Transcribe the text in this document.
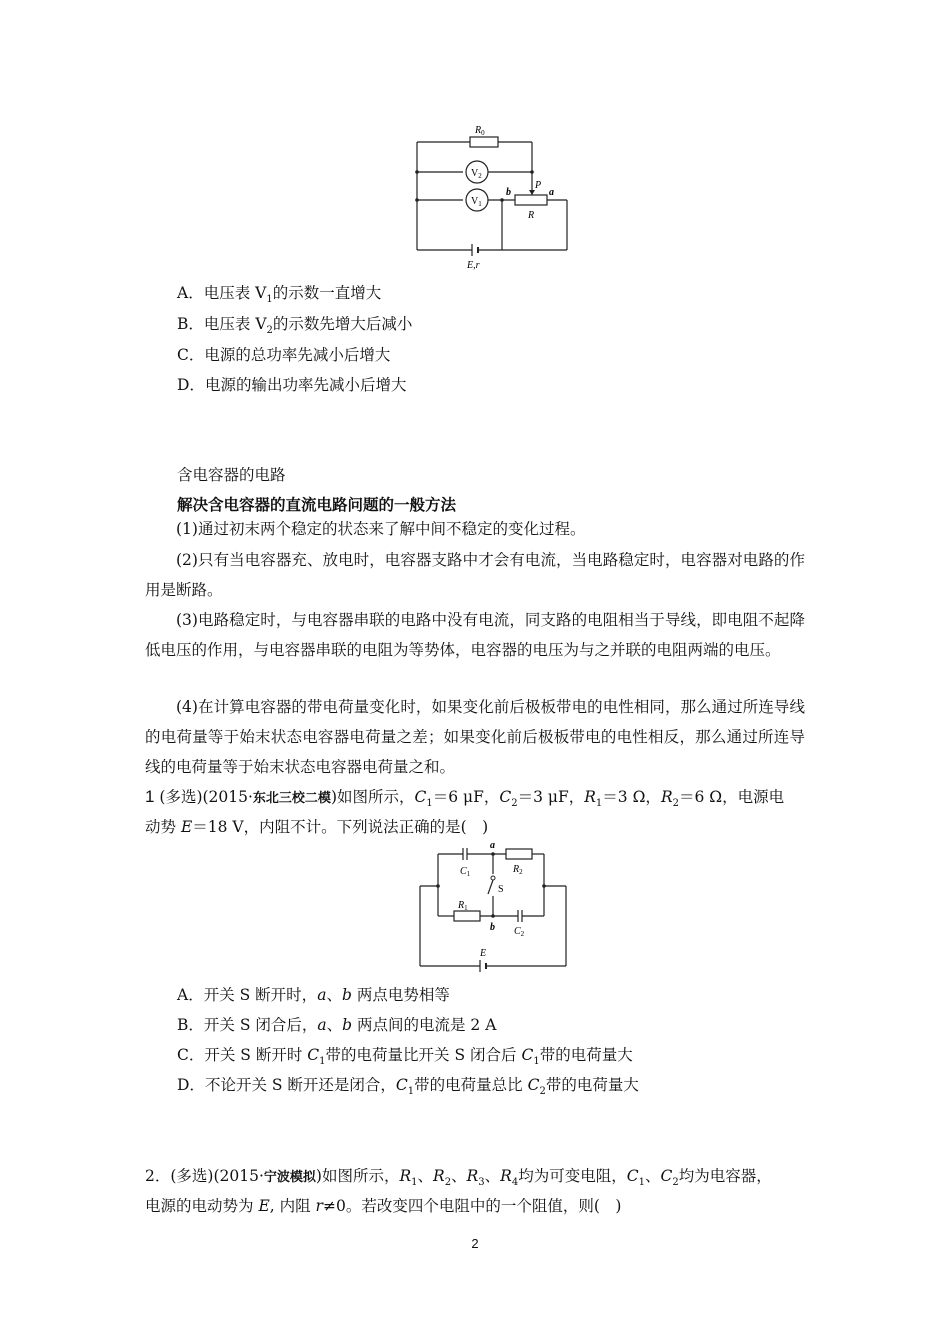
$R_0$
$V_2$
$V_1$
b
P
a
R
E,r
A．电压表 $V_1$的示数一直增大
B．电压表 $V_2$的示数先增大后减小
C．电源的总功率先减小后增大
D．电源的输出功率先减小后增大
含电容器的电路
解决含电容器的直流电路问题的一般方法
(1)通过初末两个稳定的状态来了解中间不稳定的变化过程。
(2)只有当电容器充、放电时，电容器支路中才会有电流，当电路稳定时，电容器对电路的作用是断路。
(3)电路稳定时，与电容器串联的电路中没有电流，同支路的电阻相当于导线，即电阻不起降低电压的作用，与电容器串联的电阻为等势体，电容器的电压为与之并联的电阻两端的电压。
(4)在计算电容器的带电荷量变化时，如果变化前后极板带电的电性相同，那么通过所连导线的电荷量等于始末状态电容器电荷量之差；如果变化前后极板带电的电性相反，那么通过所连导线的电荷量等于始末状态电容器电荷量之和。
1 (多选)(2015·东北三校二模)如图所示，$C_1=6$ μF，$C_2=3$ μF，$R_1=3$ Ω，$R_2=6$ Ω，电源电
动势 E＝18 V，内阻不计。下列说法正确的是(　)
$C_1$
a
$R_2$
S
$R_1$
b $C_2$
E
A．开关 S 断开时，a、b 两点电势相等
B．开关 S 闭合后，a、b 两点间的电流是 2 A
C．开关 S 断开时 $C_1$带的电荷量比开关 S 闭合后 $C_1$带的电荷量大
D．不论开关 S 断开还是闭合，$C_1$带的电荷量总比 $C_2$带的电荷量大
2．(多选)(2015·宁波模拟)如图所示，$R_1$、$R_2$、$R_3$、$R_4$均为可变电阻，$C_1$、$C_2$均为电容器，
电源的电动势为 E, 内阻 r≠0。若改变四个电阻中的一个阻值，则(　)
2
